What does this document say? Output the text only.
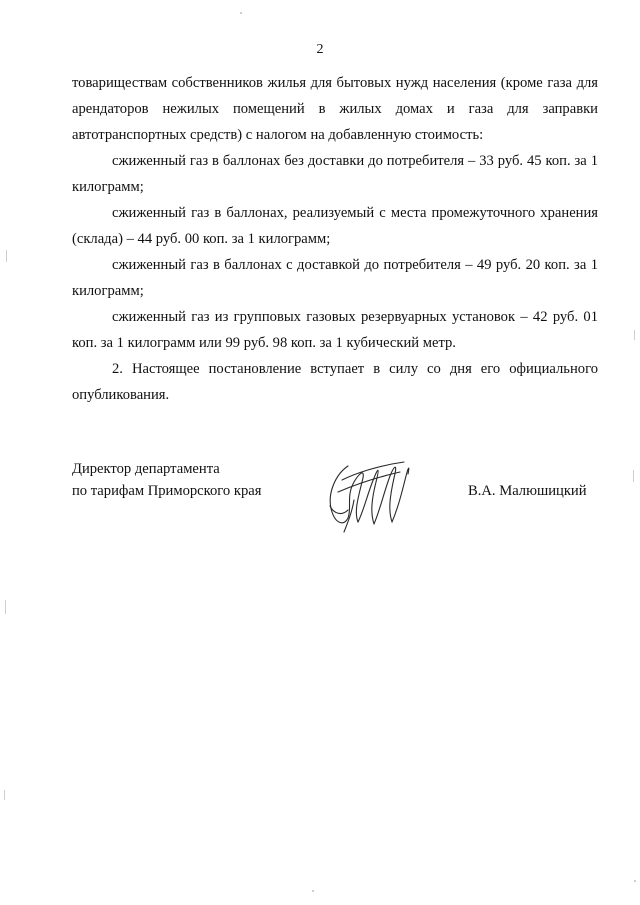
2

товариществам собственников жилья для бытовых нужд населения (кроме газа для арендаторов нежилых помещений в жилых домах и газа для заправки автотранспортных средств) с налогом на добавленную стоимость:

сжиженный газ в баллонах без доставки до потребителя – 33 руб. 45 коп. за 1 килограмм;

сжиженный газ в баллонах, реализуемый с места промежуточного хранения (склада) – 44 руб. 00 коп. за 1 килограмм;

сжиженный газ в баллонах с доставкой до потребителя – 49 руб. 20 коп. за 1 килограмм;

сжиженный газ из групповых газовых резервуарных установок – 42 руб. 01 коп. за 1 килограмм или 99 руб. 98 коп. за 1 кубический метр.

2. Настоящее постановление вступает в силу со дня его официального опубликования.

Директор департамента
по тарифам Приморского края	В.А. Малюшицкий
